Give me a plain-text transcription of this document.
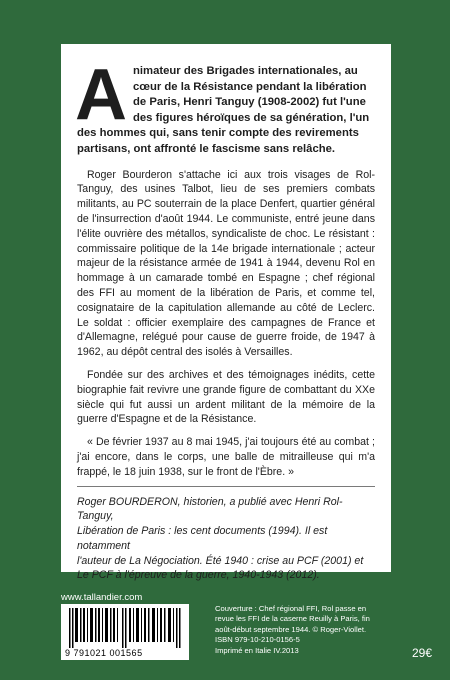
Animateur des Brigades internationales, au cœur de la Résistance pendant la libération de Paris, Henri Tanguy (1908-2002) fut l'une des figures héroïques de sa génération, l'un des hommes qui, sans tenir compte des revirements partisans, ont affronté le fascisme sans relâche.

Roger Bourderon s'attache ici aux trois visages de Rol-Tanguy, des usines Talbot, lieu de ses premiers combats militants, au PC souterrain de la place Denfert, quartier général de l'insurrection d'août 1944. Le communiste, entré jeune dans l'élite ouvrière des métallos, syndicaliste de choc. Le résistant : commissaire politique de la 14e brigade internationale ; acteur majeur de la résistance armée de 1941 à 1944, devenu Rol en hommage à un camarade tombé en Espagne ; chef régional des FFI au moment de la libération de Paris, et comme tel, cosignataire de la capitulation allemande au côté de Leclerc. Le soldat : officier exemplaire des campagnes de France et d'Allemagne, relégué pour cause de guerre froide, de 1947 à 1962, au dépôt central des isolés à Versailles.

Fondée sur des archives et des témoignages inédits, cette biographie fait revivre une grande figure de combattant du XXe siècle qui fut aussi un ardent militant de la mémoire de la guerre d'Espagne et de la Résistance.

« De février 1937 au 8 mai 1945, j'ai toujours été au combat ; j'ai encore, dans le corps, une balle de mitrailleuse qui m'a frappé, le 18 juin 1938, sur le front de l'Èbre. »

Roger BOURDERON, historien, a publié avec Henri Rol-Tanguy,
Libération de Paris : les cent documents (1994). Il est notamment
l'auteur de La Négociation. Été 1940 : crise au PCF (2001) et
Le PCF à l'épreuve de la guerre, 1940-1943 (2012).
www.tallandier.com
9 791021 001565
Couverture : Chef régional FFI, Rol passe en
revue les FFI de la caserne Reuilly à Paris, fin
août-début septembre 1944. © Roger-Viollet.
ISBN 979-10-210-0156-5
Imprimé en Italie IV.2013	29€
